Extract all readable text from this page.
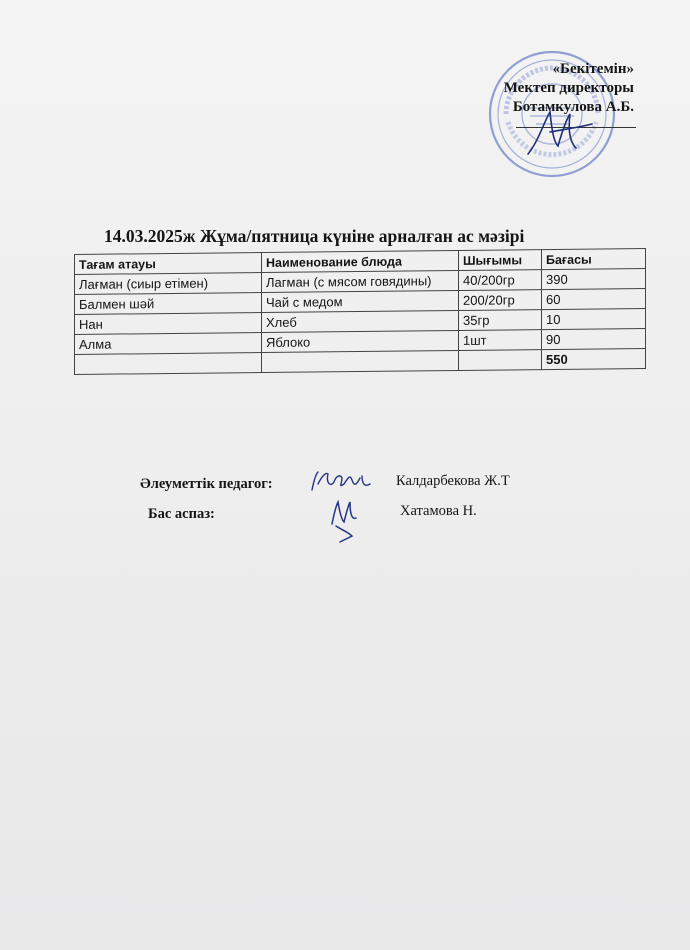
«Бекітемін»
Мектеп директоры
Ботамкулова А.Б.
14.03.2025ж Жұма/пятница күніне арналған ас мәзірі
Тағам атауы	Наименование блюда	Шығымы	Бағасы
Лағман (сиыр етімен)	Лагман (с мясом говядины)	40/200гр	390
Балмен шәй	Чай с медом	200/20гр	60
Нан	Хлеб	35гр	10
Алма	Яблоко	1шт	90
			550
Әлеуметтік педагог:	Калдарбекова Ж.Т
Бас аспаз:	Хатамова Н.
